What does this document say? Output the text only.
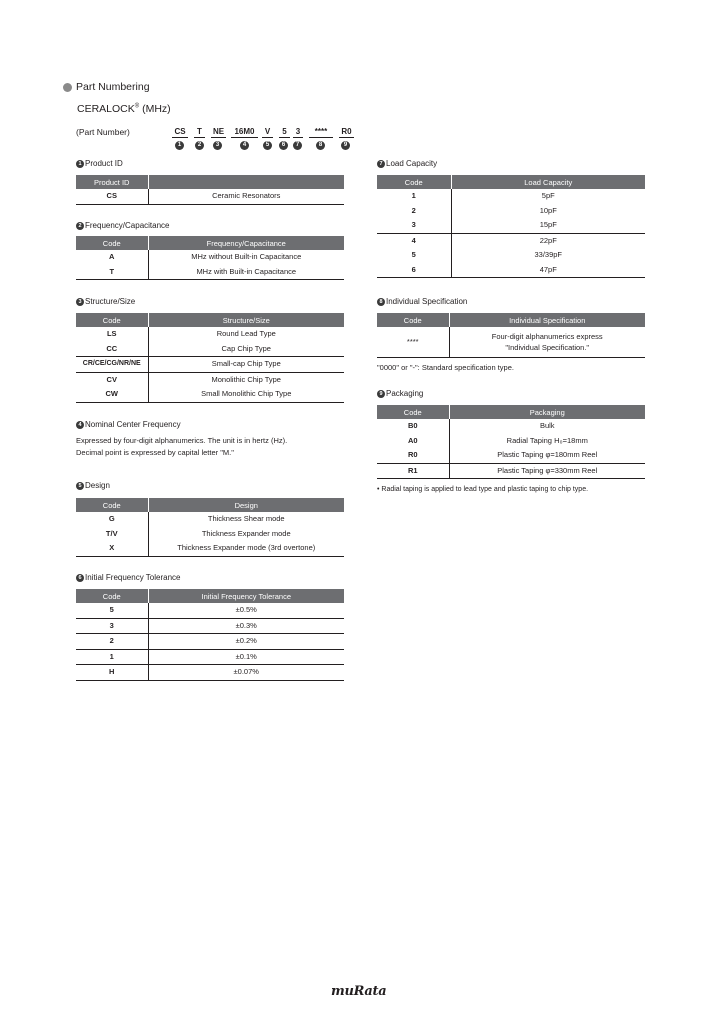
Part Numbering
CERALOCK® (MHz)
(Part Number)	CS
1
T
2
NE
3
16M0
4
V
5
5
6
3
7
****
8
R0
9
1 Product ID
Product ID	
CS	Ceramic Resonators
2 Frequency/Capacitance
Code	Frequency/Capacitance
A	MHz without Built-in Capacitance
T	MHz with Built-in Capacitance
3 Structure/Size
Code	Structure/Size
LS	Round Lead Type
CC	Cap Chip Type
CR/CE/CG/NR/NE	Small-cap Chip Type
CV	Monolithic Chip Type
CW	Small Monolithic Chip Type
4 Nominal Center Frequency
Expressed by four-digit alphanumerics. The unit is in hertz (Hz).
Decimal point is expressed by capital letter "M."
5 Design
Code	Design
G	Thickness Shear mode
T/V	Thickness Expander mode
X	Thickness Expander mode (3rd overtone)
6 Initial Frequency Tolerance
Code	Initial Frequency Tolerance
5	±0.5%
3	±0.3%
2	±0.2%
1	±0.1%
H	±0.07%
7 Load Capacity
Code	Load Capacity
1	5pF
2	10pF
3	15pF
4	22pF
5	33/39pF
6	47pF
8 Individual Specification
Code	Individual Specification
****	Four-digit alphanumerics express
"Individual Specification."
"0000" or "-": Standard specification type.
9 Packaging
Code	Packaging
B0	Bulk
A0	Radial Taping H₀=18mm
R0	Plastic Taping φ=180mm Reel
R1	Plastic Taping φ=330mm Reel
• Radial taping is applied to lead type and plastic taping to chip type.
muRata
